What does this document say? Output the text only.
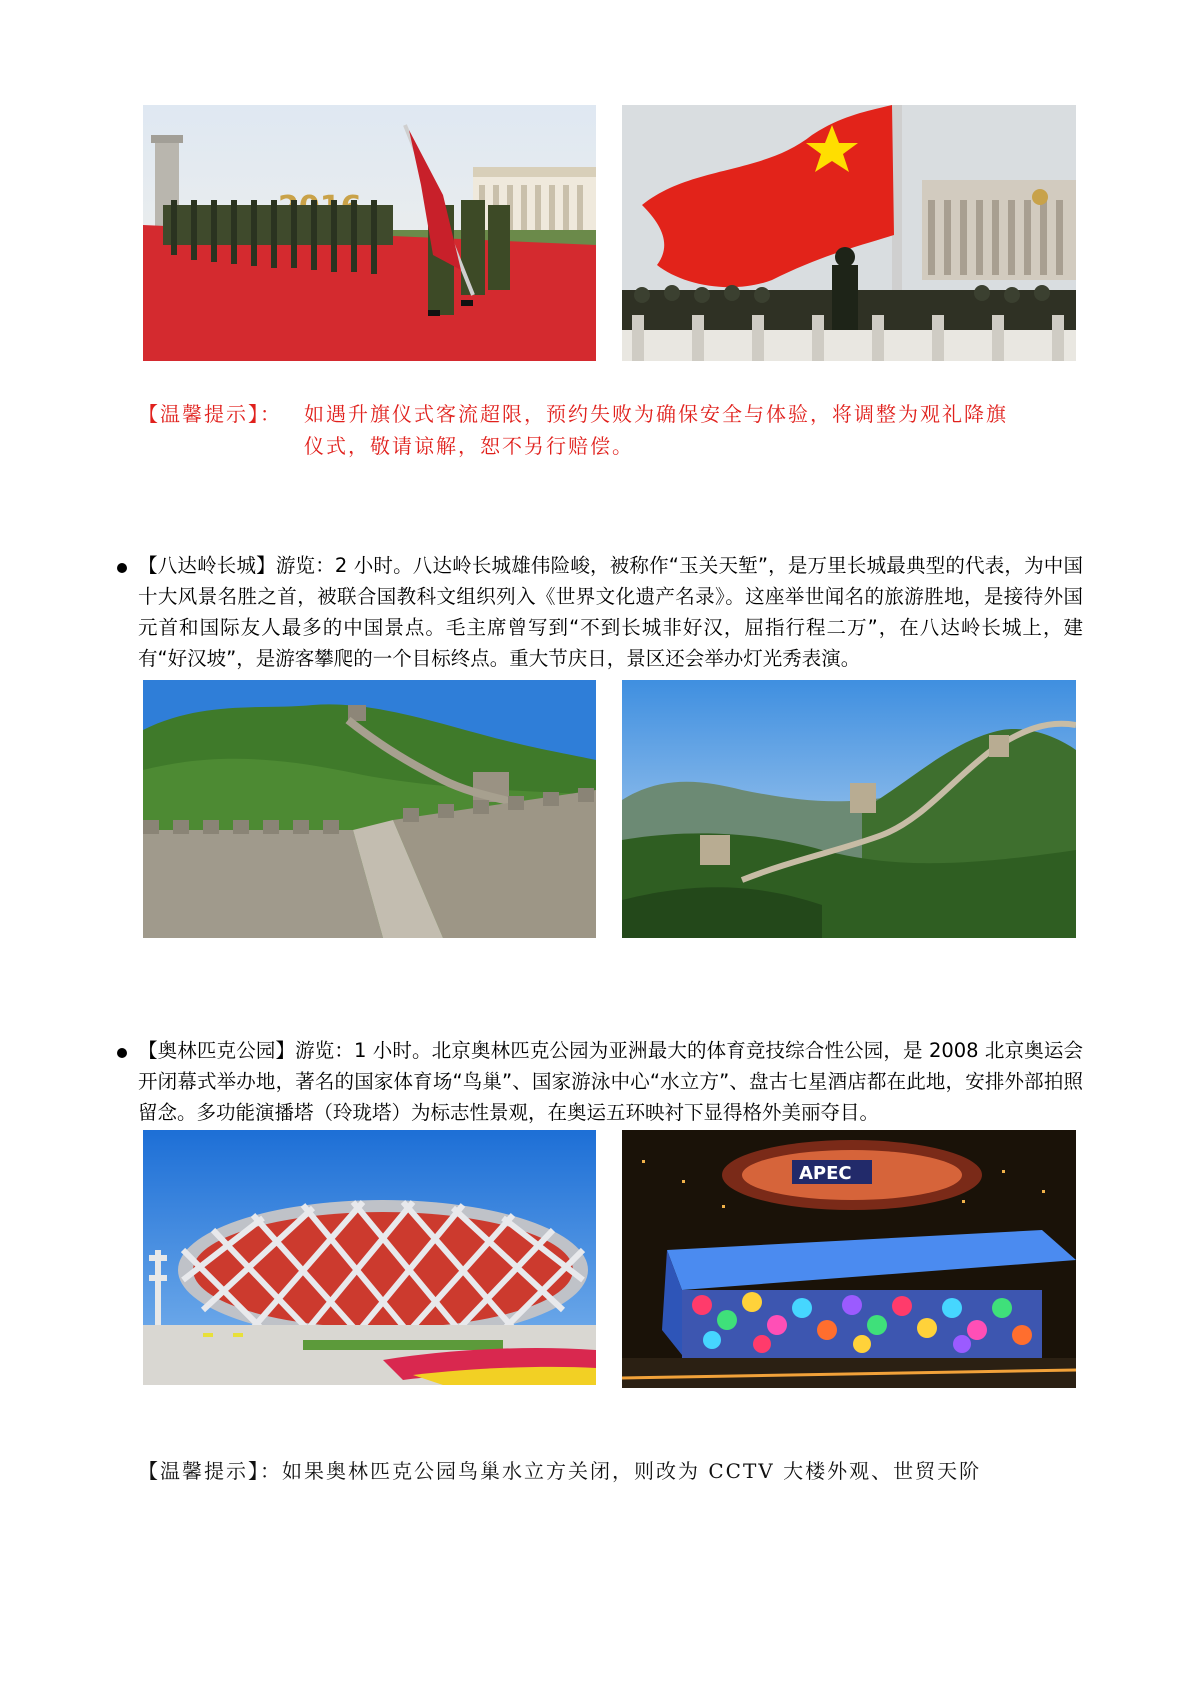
【温馨提示】： 如遇升旗仪式客流超限，预约失败为确保安全与体验，将调整为观礼降旗
仪式，敬请谅解，恕不另行赔偿。
【八达岭长城】游览：2 小时。八达岭长城雄伟险峻，被称作“玉关天堑”，是万里长城最典型的代表，为中国十大风景名胜之首，被联合国教科文组织列入《世界文化遗产名录》。这座举世闻名的旅游胜地，是接待外国元首和国际友人最多的中国景点。毛主席曾写到“不到长城非好汉，屈指行程二万”，在八达岭长城上，建有“好汉坡”，是游客攀爬的一个目标终点。重大节庆日，景区还会举办灯光秀表演。
【奥林匹克公园】游览：1 小时。北京奥林匹克公园为亚洲最大的体育竞技综合性公园，是 2008 北京奥运会开闭幕式举办地，著名的国家体育场“鸟巢”、国家游泳中心“水立方”、盘古七星酒店都在此地，安排外部拍照留念。多功能演播塔（玲珑塔）为标志性景观，在奥运五环映衬下显得格外美丽夺目。
APEC
【温馨提示】：如果奥林匹克公园鸟巢水立方关闭，则改为 CCTV 大楼外观、世贸天阶
